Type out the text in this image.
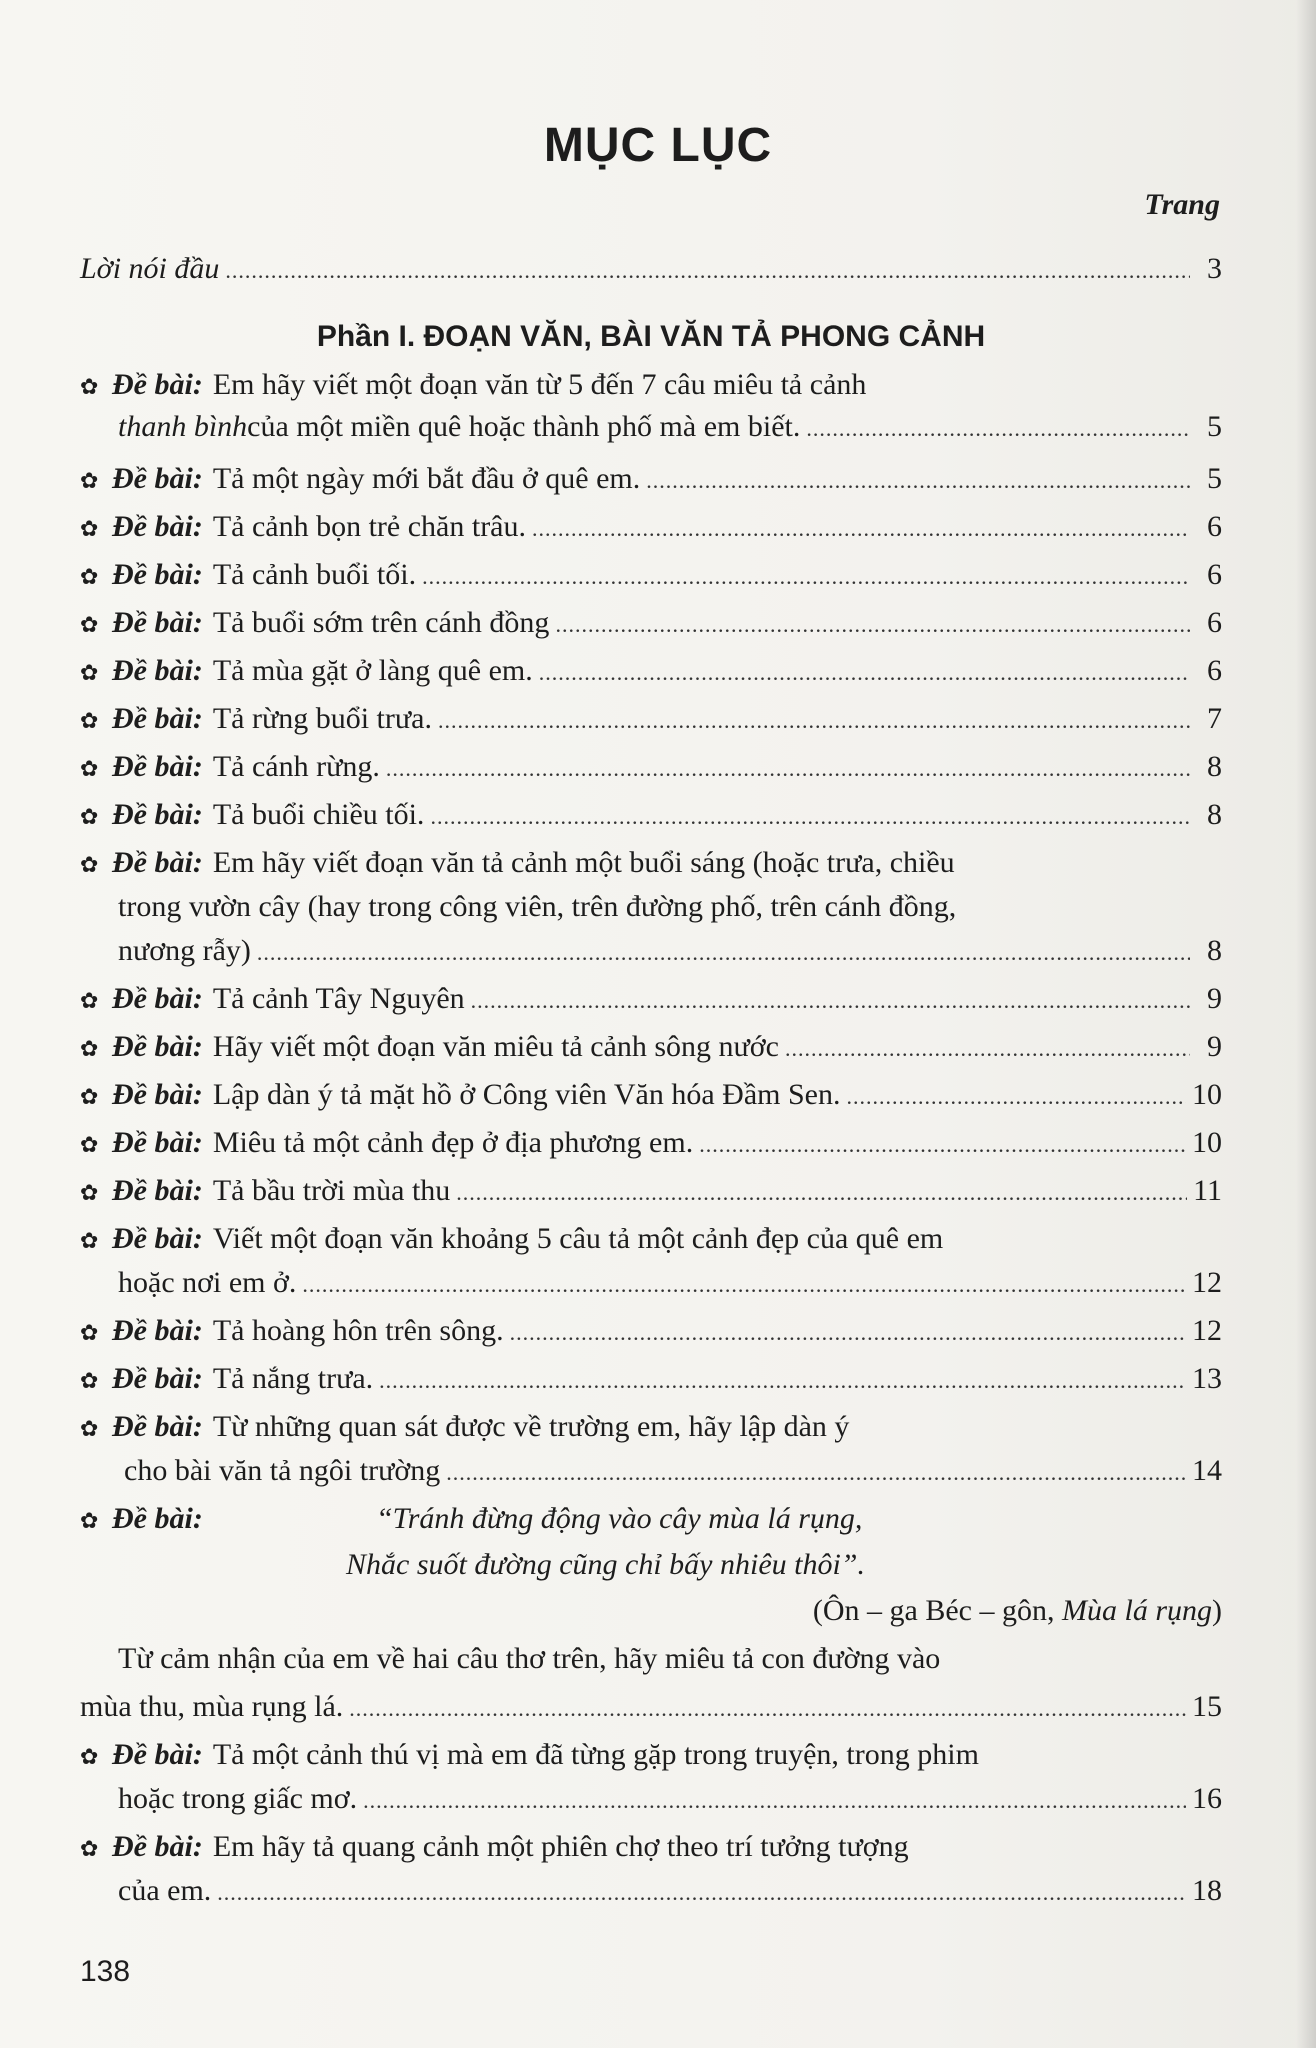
MỤC LỤC
Trang
Lời nói đầu .....	3
Phần I. ĐOẠN VĂN, BÀI VĂN TẢ PHONG CẢNH
✿ Đề bài: Em hãy viết một đoạn văn từ 5 đến 7 câu miêu tả cảnh
thanh bình của một miền quê hoặc thành phố mà em biết. .....	5
✿ Đề bài: Tả một ngày mới bắt đầu ở quê em. .....	5
✿ Đề bài: Tả cảnh bọn trẻ chăn trâu. .....	6
✿ Đề bài: Tả cảnh buổi tối. .....	6
✿ Đề bài: Tả buổi sớm trên cánh đồng .....	6
✿ Đề bài: Tả mùa gặt ở làng quê em. .....	6
✿ Đề bài: Tả rừng buổi trưa. .....	7
✿ Đề bài: Tả cánh rừng. .....	8
✿ Đề bài: Tả buổi chiều tối. .....	8
✿ Đề bài: Em hãy viết đoạn văn tả cảnh một buổi sáng (hoặc trưa, chiều
trong vườn cây (hay trong công viên, trên đường phố, trên cánh đồng,
nương rẫy) .....	8
✿ Đề bài: Tả cảnh Tây Nguyên .....	9
✿ Đề bài: Hãy viết một đoạn văn miêu tả cảnh sông nước .....	9
✿ Đề bài: Lập dàn ý tả mặt hồ ở Công viên Văn hóa Đầm Sen. .....	10
✿ Đề bài: Miêu tả một cảnh đẹp ở địa phương em. .....	10
✿ Đề bài: Tả bầu trời mùa thu .....	11
✿ Đề bài: Viết một đoạn văn khoảng 5 câu tả một cảnh đẹp của quê em
hoặc nơi em ở. .....	12
✿ Đề bài: Tả hoàng hôn trên sông. .....	12
✿ Đề bài: Tả nắng trưa. .....	13
✿ Đề bài: Từ những quan sát được về trường em, hãy lập dàn ý
cho bài văn tả ngôi trường .....	14
✿ Đề bài:	“Tránh đừng động vào cây mùa lá rụng,
Nhắc suốt đường cũng chỉ bấy nhiêu thôi”.
(Ôn – ga Béc – gôn, Mùa lá rụng)
Từ cảm nhận của em về hai câu thơ trên, hãy miêu tả con đường vào
mùa thu, mùa rụng lá. .....	15
✿ Đề bài: Tả một cảnh thú vị mà em đã từng gặp trong truyện, trong phim
hoặc trong giấc mơ. .....	16
✿ Đề bài: Em hãy tả quang cảnh một phiên chợ theo trí tưởng tượng
của em. .....	18
138
